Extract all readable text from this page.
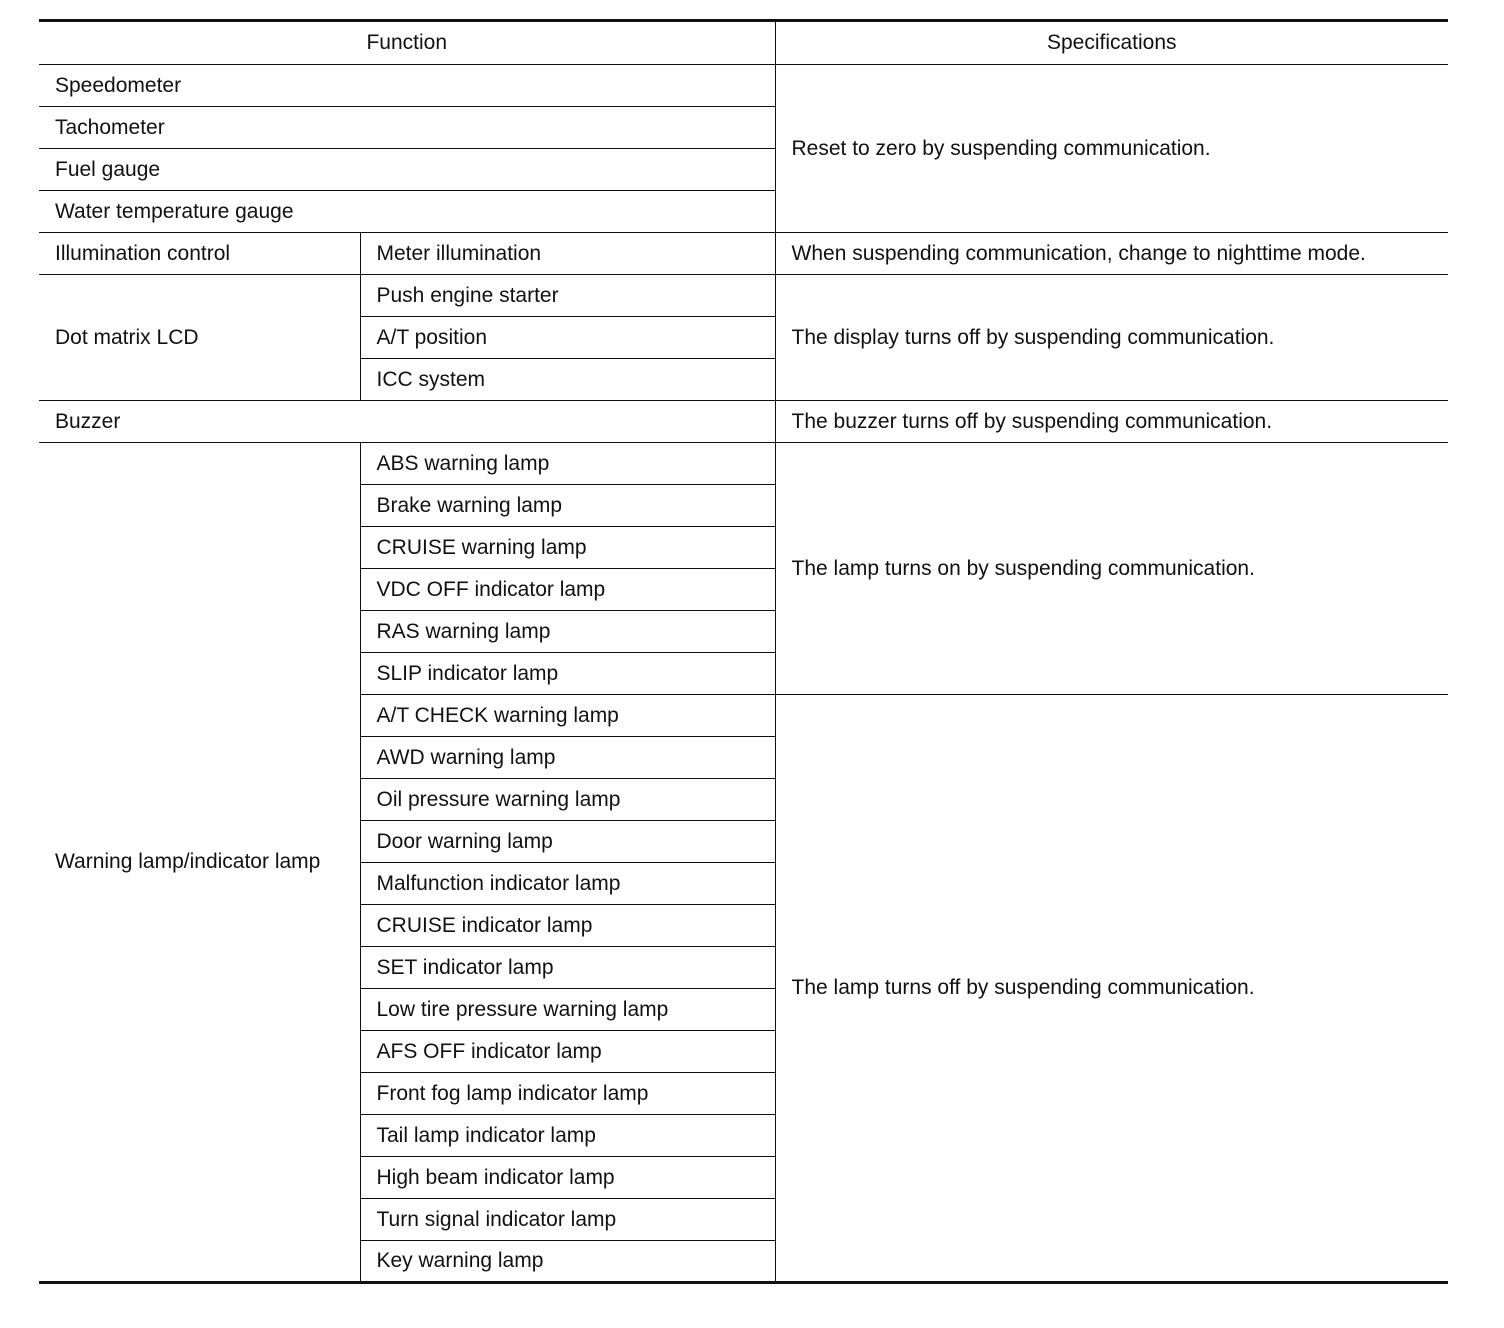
Function		Specifications
Speedometer		Reset to zero by suspending communication.
Tachometer		
Fuel gauge		
Water temperature gauge		
Illumination control	Meter illumination	When suspending communication, change to nighttime mode.
Dot matrix LCD	Push engine starter	The display turns off by suspending communication.
	A/T position	
	ICC system	
Buzzer		The buzzer turns off by suspending communication.
Warning lamp/indicator lamp	ABS warning lamp	The lamp turns on by suspending communication.
	Brake warning lamp	
	CRUISE warning lamp	
	VDC OFF indicator lamp	
	RAS warning lamp	
	SLIP indicator lamp	
	A/T CHECK warning lamp	The lamp turns off by suspending communication.
	AWD warning lamp	
	Oil pressure warning lamp	
	Door warning lamp	
	Malfunction indicator lamp	
	CRUISE indicator lamp	
	SET indicator lamp	
	Low tire pressure warning lamp	
	AFS OFF indicator lamp	
	Front fog lamp indicator lamp	
	Tail lamp indicator lamp	
	High beam indicator lamp	
	Turn signal indicator lamp	
	Key warning lamp	
